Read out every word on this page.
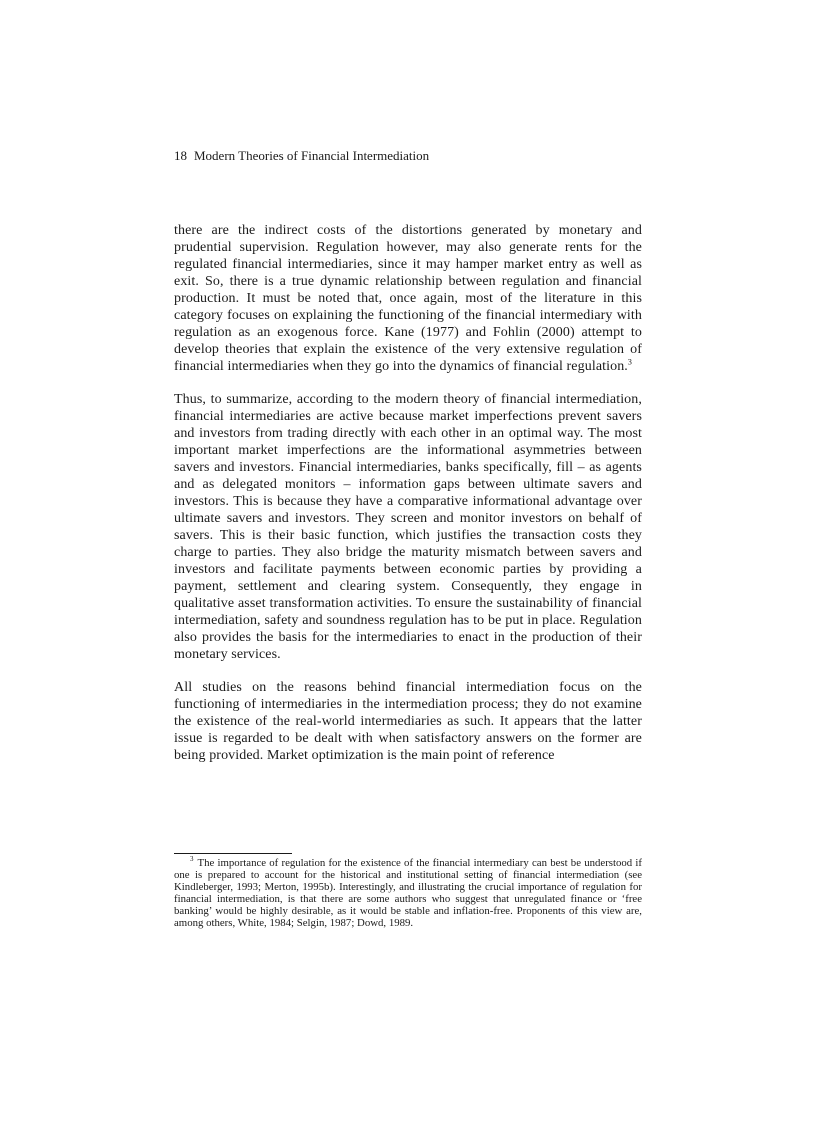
18 Modern Theories of Financial Intermediation

there are the indirect costs of the distortions generated by monetary and prudential supervision. Regulation however, may also generate rents for the regulated financial intermediaries, since it may hamper market entry as well as exit. So, there is a true dynamic relationship between regulation and financial production. It must be noted that, once again, most of the literature in this category focuses on explaining the functioning of the financial intermediary with regulation as an exogenous force. Kane (1977) and Fohlin (2000) attempt to develop theories that explain the existence of the very extensive regulation of financial intermediaries when they go into the dynamics of financial regulation.$^3$

Thus, to summarize, according to the modern theory of financial intermediation, financial intermediaries are active because market imperfections prevent savers and investors from trading directly with each other in an optimal way. The most important market imperfections are the informational asymmetries between savers and investors. Financial intermediaries, banks specifically, fill – as agents and as delegated monitors – information gaps between ultimate savers and investors. This is because they have a comparative informational advantage over ultimate savers and investors. They screen and monitor investors on behalf of savers. This is their basic function, which justifies the transaction costs they charge to parties. They also bridge the maturity mismatch between savers and investors and facilitate payments between economic parties by providing a payment, settlement and clearing system. Consequently, they engage in qualitative asset transformation activities. To ensure the sustainability of financial intermediation, safety and soundness regulation has to be put in place. Regulation also provides the basis for the intermediaries to enact in the production of their monetary services.

All studies on the reasons behind financial intermediation focus on the functioning of intermediaries in the intermediation process; they do not examine the existence of the real-world intermediaries as such. It appears that the latter issue is regarded to be dealt with when satisfactory answers on the former are being provided. Market optimization is the main point of reference

3 The importance of regulation for the existence of the financial intermediary can best be understood if one is prepared to account for the historical and institutional setting of financial intermediation (see Kindleberger, 1993; Merton, 1995b). Interestingly, and illustrating the crucial importance of regulation for financial intermediation, is that there are some authors who suggest that unregulated finance or ‘free banking’ would be highly desirable, as it would be stable and inflation-free. Proponents of this view are, among others, White, 1984; Selgin, 1987; Dowd, 1989.
